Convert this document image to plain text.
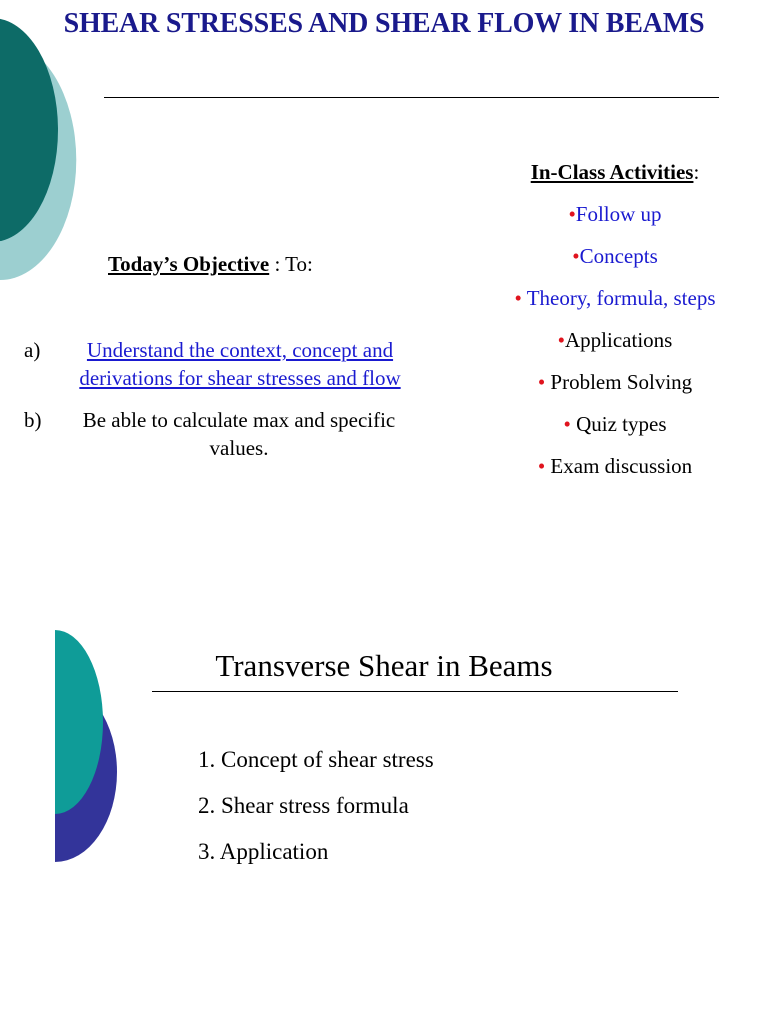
SHEAR STRESSES AND SHEAR FLOW IN BEAMS
Today’s Objective : To:
a)	Understand the context, concept and derivations for shear stresses and flow
b)	Be able to calculate max and specific values.
In-Class Activities:
•Follow up
•Concepts
• Theory, formula, steps
•Applications
• Problem Solving
• Quiz types
• Exam discussion
Transverse Shear in Beams
1. Concept of shear stress
2. Shear stress formula
3. Application
